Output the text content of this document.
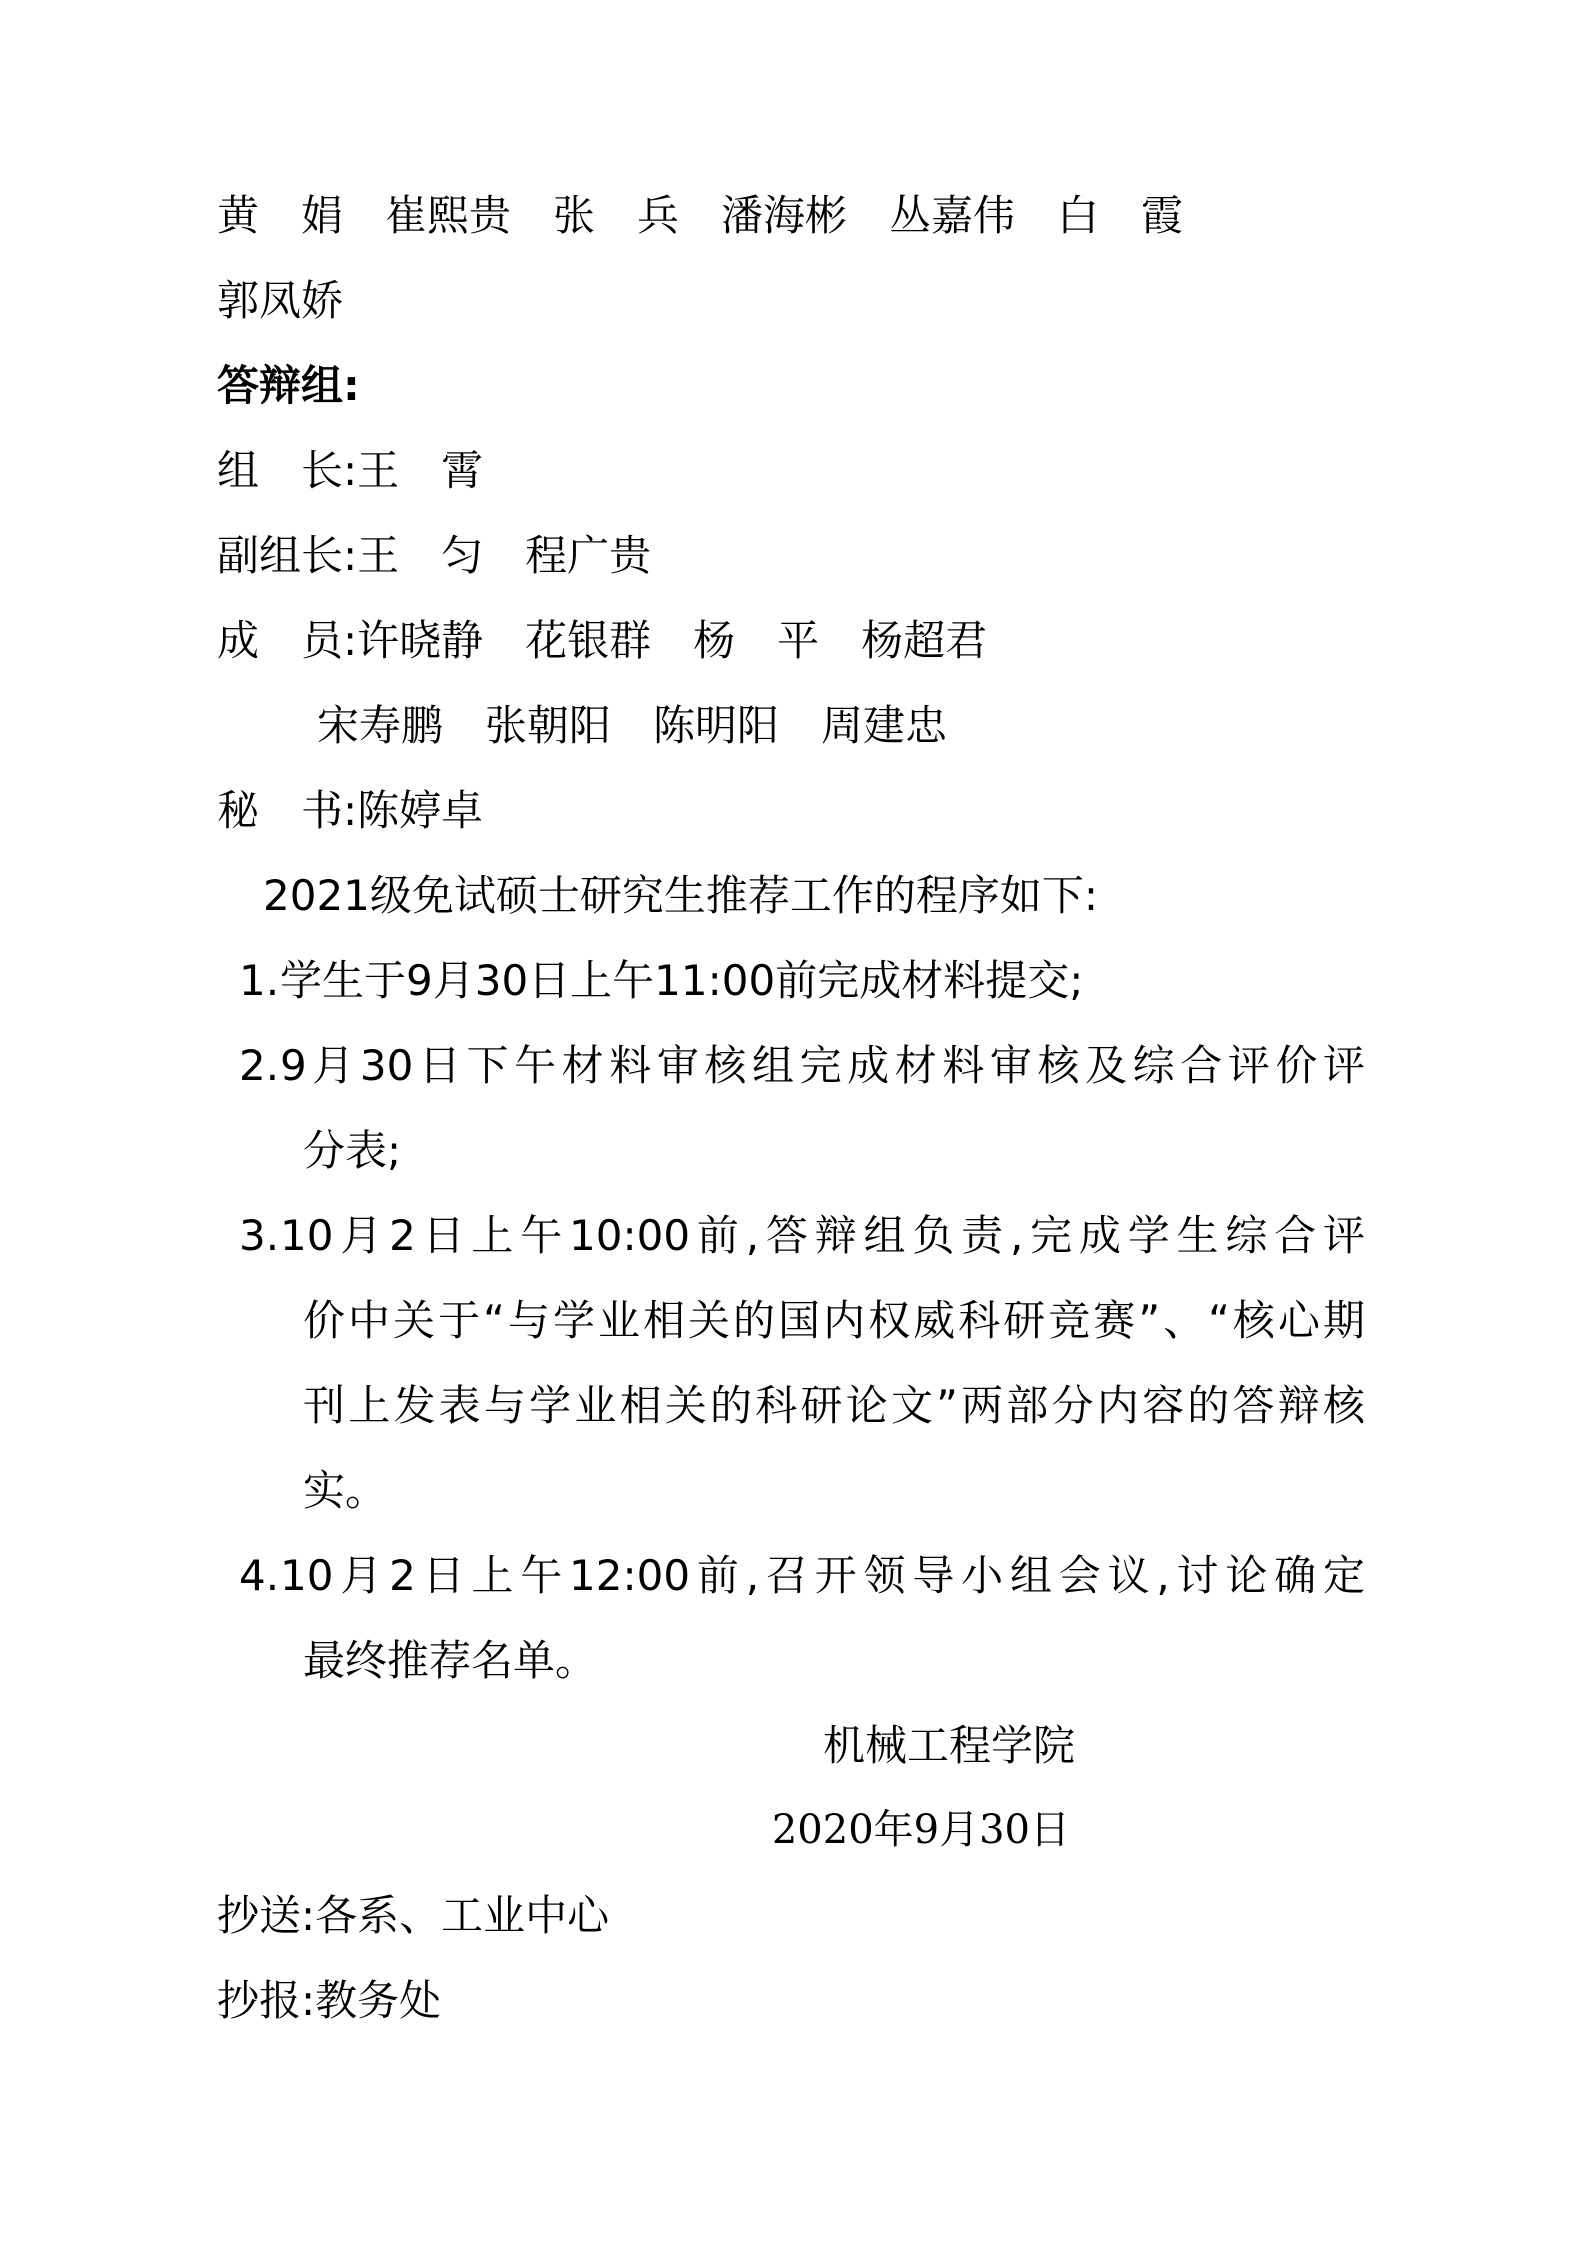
黄　娟　崔熙贵　张　兵　潘海彬　丛嘉伟　白　霞
郭凤娇
答辩组:
组　长:王　霄
副组长:王　匀　程广贵
成　员:许晓静　花银群　杨　平　杨超君
宋寿鹏　张朝阳　陈明阳　周建忠
秘　书:陈婷卓
2021级免试硕士研究生推荐工作的程序如下:
1.学生于9月30日上午11:00前完成材料提交;
2.9月30日下午材料审核组完成材料审核及综合评价评
分表;
3.10月2日上午10:00前,答辩组负责,完成学生综合评
价中关于“与学业相关的国内权威科研竞赛”、“核心期
刊上发表与学业相关的科研论文”两部分内容的答辩核
实。
4.10月2日上午12:00前,召开领导小组会议,讨论确定
最终推荐名单。
机械工程学院
2020年9月30日
抄送:各系、工业中心
抄报:教务处
